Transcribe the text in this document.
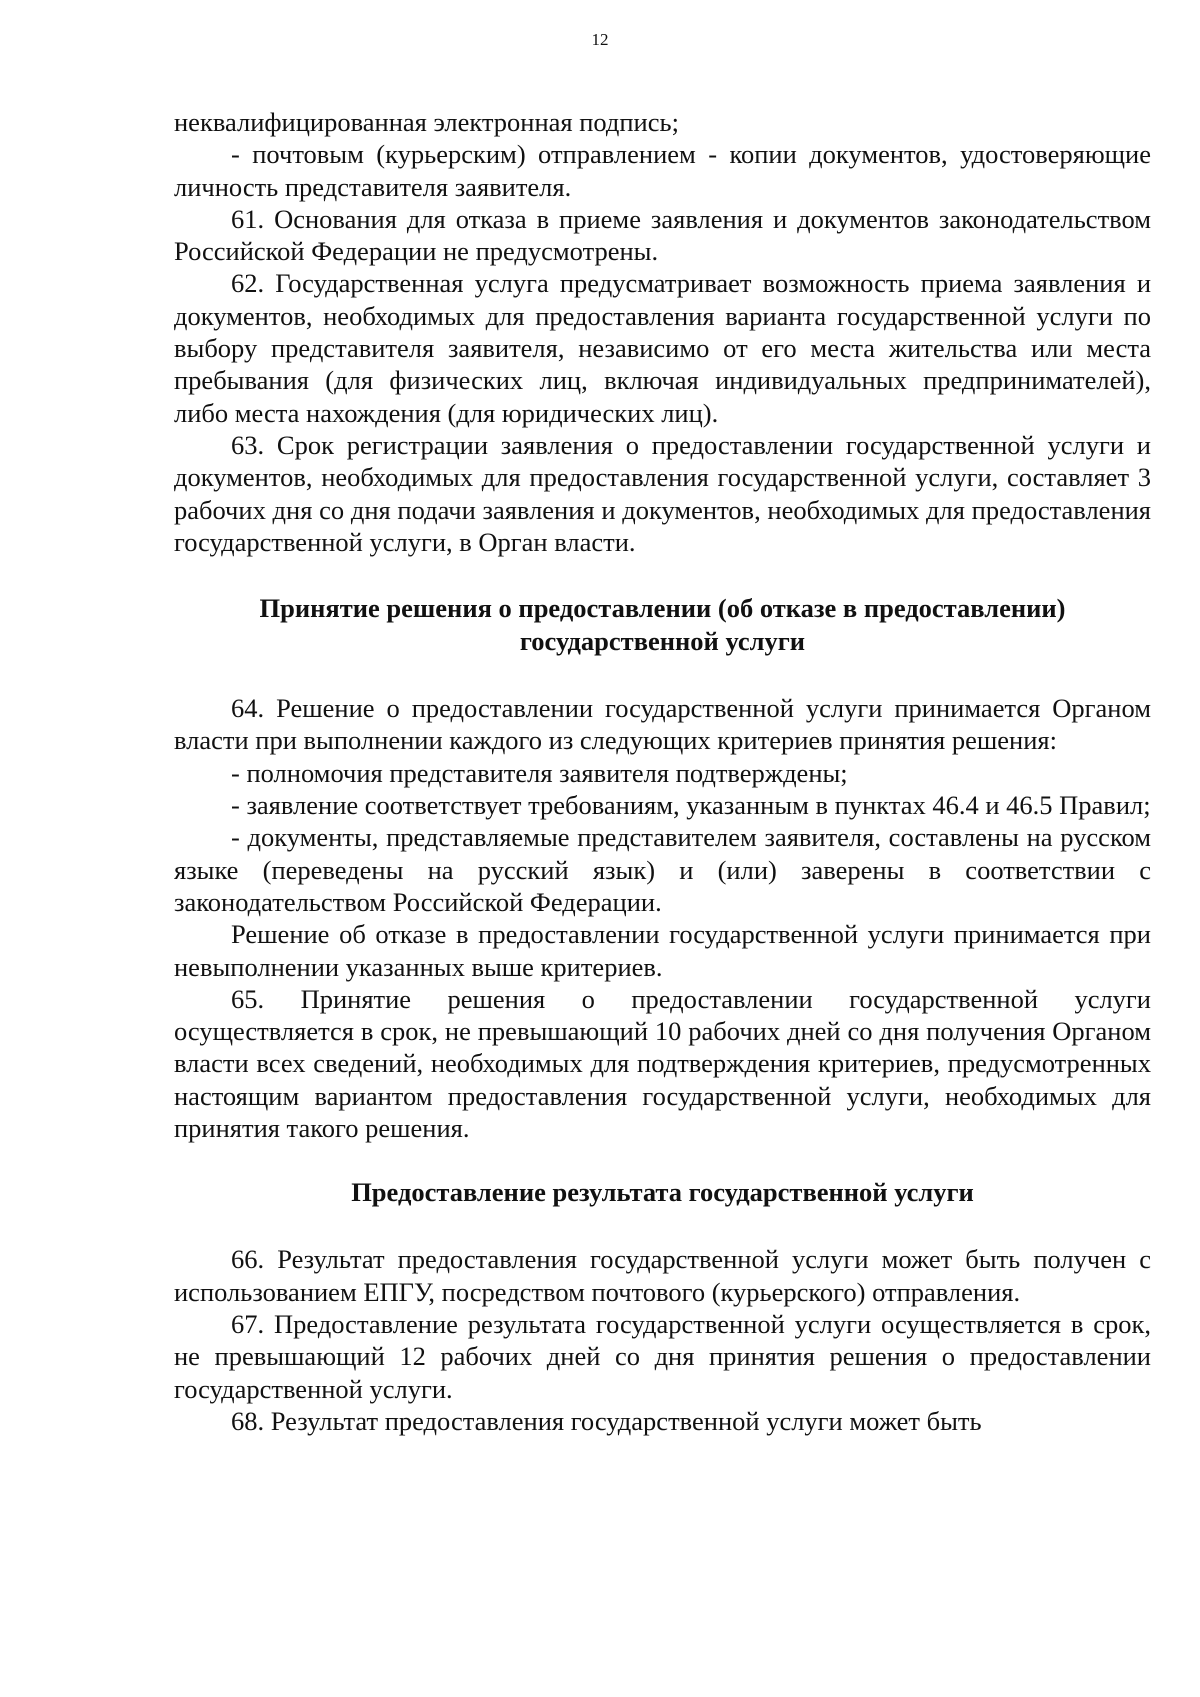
12

неквалифицированная электронная подпись;

- почтовым (курьерским) отправлением - копии документов, удостоверяющие личность представителя заявителя.

61. Основания для отказа в приеме заявления и документов законодательством Российской Федерации не предусмотрены.

62. Государственная услуга предусматривает возможность приема заявления и документов, необходимых для предоставления варианта государственной услуги по выбору представителя заявителя, независимо от его места жительства или места пребывания (для физических лиц, включая индивидуальных предпринимателей), либо места нахождения (для юридических лиц).

63. Срок регистрации заявления о предоставлении государственной услуги и документов, необходимых для предоставления государственной услуги, составляет 3 рабочих дня со дня подачи заявления и документов, необходимых для предоставления государственной услуги, в Орган власти.

Принятие решения о предоставлении (об отказе в предоставлении)
государственной услуги

64. Решение о предоставлении государственной услуги принимается Органом власти при выполнении каждого из следующих критериев принятия решения:

- полномочия представителя заявителя подтверждены;

- заявление соответствует требованиям, указанным в пунктах 46.4 и 46.5 Правил;

- документы, представляемые представителем заявителя, составлены на русском языке (переведены на русский язык) и (или) заверены в соответствии с законодательством Российской Федерации.

Решение об отказе в предоставлении государственной услуги принимается при невыполнении указанных выше критериев.

65. Принятие решения о предоставлении государственной услуги осуществляется в срок, не превышающий 10 рабочих дней со дня получения Органом власти всех сведений, необходимых для подтверждения критериев, предусмотренных настоящим вариантом предоставления государственной услуги, необходимых для принятия такого решения.

Предоставление результата государственной услуги

66. Результат предоставления государственной услуги может быть получен с использованием ЕПГУ, посредством почтового (курьерского) отправления.

67. Предоставление результата государственной услуги осуществляется в срок, не превышающий 12 рабочих дней со дня принятия решения о предоставлении государственной услуги.

68. Результат предоставления государственной услуги может быть
